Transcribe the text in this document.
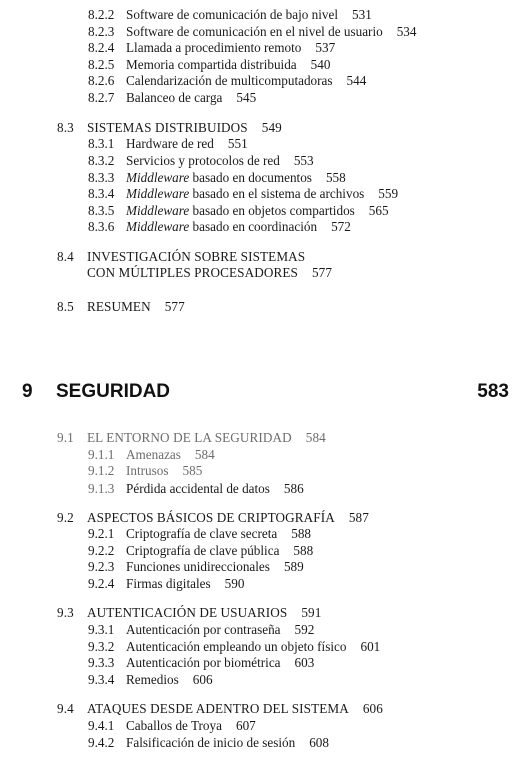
8.2.2 Software de comunicación de bajo nivel 531
8.2.3 Software de comunicación en el nivel de usuario 534
8.2.4 Llamada a procedimiento remoto 537
8.2.5 Memoria compartida distribuida 540
8.2.6 Calendarización de multicomputadoras 544
8.2.7 Balanceo de carga 545
8.3 SISTEMAS DISTRIBUIDOS 549
8.3.1 Hardware de red 551
8.3.2 Servicios y protocolos de red 553
8.3.3 Middleware basado en documentos 558
8.3.4 Middleware basado en el sistema de archivos 559
8.3.5 Middleware basado en objetos compartidos 565
8.3.6 Middleware basado en coordinación 572
8.4 INVESTIGACIÓN SOBRE SISTEMAS
CON MÚLTIPLES PROCESADORES 577
8.5 RESUMEN 577
9 SEGURIDAD	583
9.1 EL ENTORNO DE LA SEGURIDAD 584
9.1.1 Amenazas 584
9.1.2 Intrusos 585
9.1.3 Pérdida accidental de datos 586
9.2 ASPECTOS BÁSICOS DE CRIPTOGRAFÍA 587
9.2.1 Criptografía de clave secreta 588
9.2.2 Criptografía de clave pública 588
9.2.3 Funciones unidireccionales 589
9.2.4 Firmas digitales 590
9.3 AUTENTICACIÓN DE USUARIOS 591
9.3.1 Autenticación por contraseña 592
9.3.2 Autenticación empleando un objeto físico 601
9.3.3 Autenticación por biométrica 603
9.3.4 Remedios 606
9.4 ATAQUES DESDE ADENTRO DEL SISTEMA 606
9.4.1 Caballos de Troya 607
9.4.2 Falsificación de inicio de sesión 608
